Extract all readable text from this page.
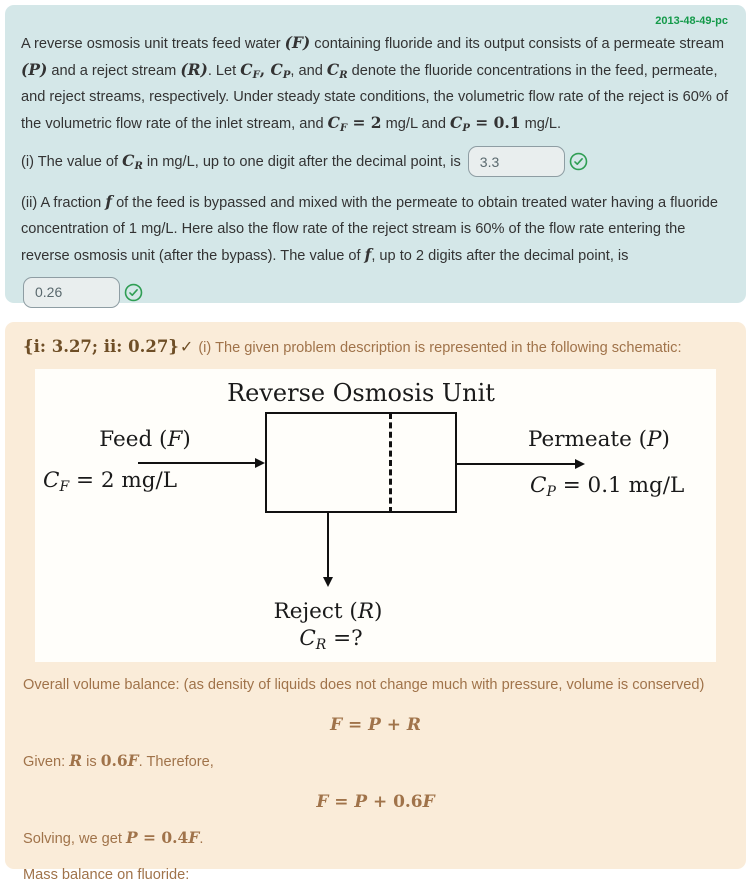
2013-48-49-pc

A reverse osmosis unit treats feed water (F) containing fluoride and its output consists of a permeate stream (P) and a reject stream (R). Let $C_F$, $C_P$, and $C_R$ denote the fluoride concentrations in the feed, permeate, and reject streams, respectively. Under steady state conditions, the volumetric flow rate of the reject is 60% of the volumetric flow rate of the inlet stream, and $C_F = 2$ mg/L and $C_P = 0.1$ mg/L.

(i) The value of $C_R$ in mg/L, up to one digit after the decimal point, is
3.3

(ii) A fraction f of the feed is bypassed and mixed with the permeate to obtain treated water having a fluoride concentration of 1 mg/L. Here also the flow rate of the reject stream is 60% of the flow rate entering the reverse osmosis unit (after the bypass). The value of f, up to 2 digits after the decimal point, is

0.26

{i: 3.27; ii: 0.27}✓ (i) The given problem description is represented in the following schematic:

Reverse Osmosis Unit
Feed (F)
$C_F = 2$ mg/L
Permeate (P)
$C_P = 0.1$ mg/L
Reject (R)
$C_R$ =?

Overall volume balance: (as density of liquids does not change much with pressure, volume is conserved)

F = P + R

Given: R is 0.6F. Therefore,

F = P + 0.6F

Solving, we get P = 0.4F.

Mass balance on fluoride:
